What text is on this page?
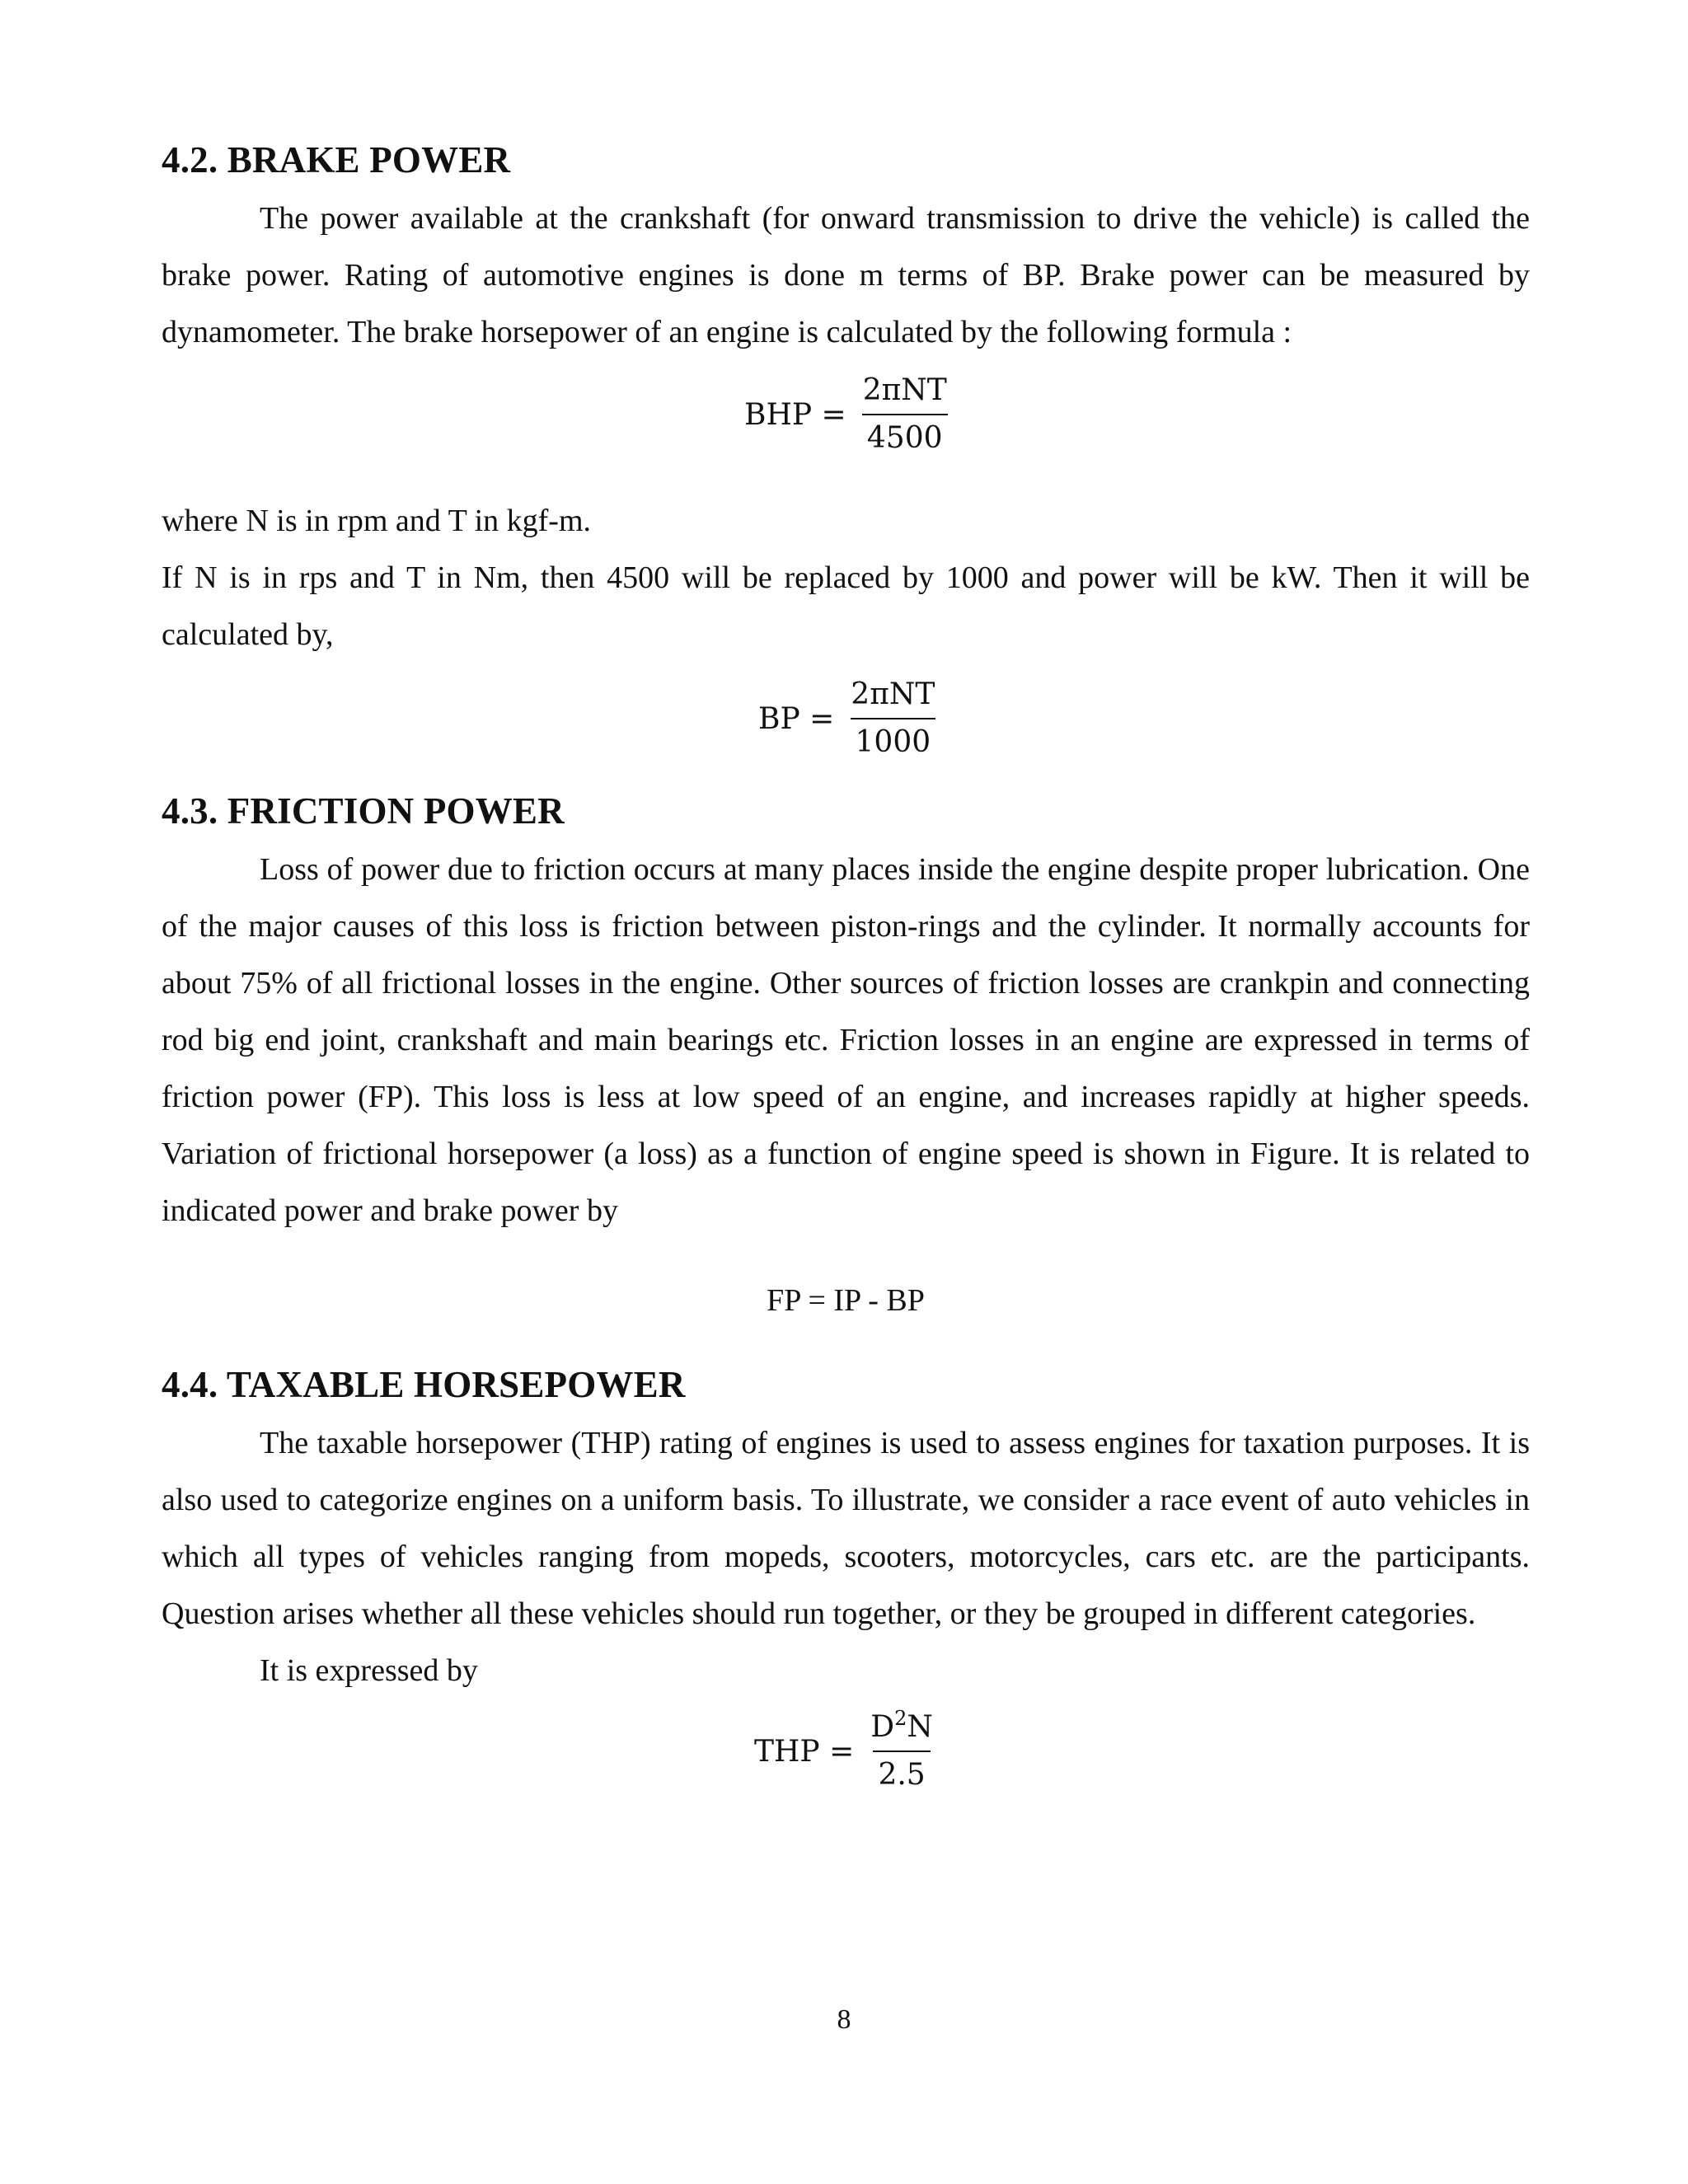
4.2. BRAKE POWER

The power available at the crankshaft (for onward transmission to drive the vehicle) is called the brake power. Rating of automotive engines is done m terms of BP. Brake power can be measured by dynamometer. The brake horsepower of an engine is calculated by the following formula :

BHP = $\frac{\text{2πNT}}{4500}$

where N is in rpm and T in kgf-m.

If N is in rps and T in Nm, then 4500 will be replaced by 1000 and power will be kW. Then it will be calculated by,

BP = $\frac{\text{2πNT}}{1000}$
4.3. FRICTION POWER

Loss of power due to friction occurs at many places inside the engine despite proper lubrication. One of the major causes of this loss is friction between piston-rings and the cylinder. It normally accounts for about 75% of all frictional losses in the engine. Other sources of friction losses are crankpin and connecting rod big end joint, crankshaft and main bearings etc. Friction losses in an engine are expressed in terms of friction power (FP). This loss is less at low speed of an engine, and increases rapidly at higher speeds. Variation of frictional horsepower (a loss) as a function of engine speed is shown in Figure. It is related to indicated power and brake power by

FP = IP - BP
4.4. TAXABLE HORSEPOWER

The taxable horsepower (THP) rating of engines is used to assess engines for taxation purposes. It is also used to categorize engines on a uniform basis. To illustrate, we consider a race event of auto vehicles in which all types of vehicles ranging from mopeds, scooters, motorcycles, cars etc. are the participants. Question arises whether all these vehicles should run together, or they be grouped in different categories.

It is expressed by

THP = $\frac{D^2N}{2.5}$
8
